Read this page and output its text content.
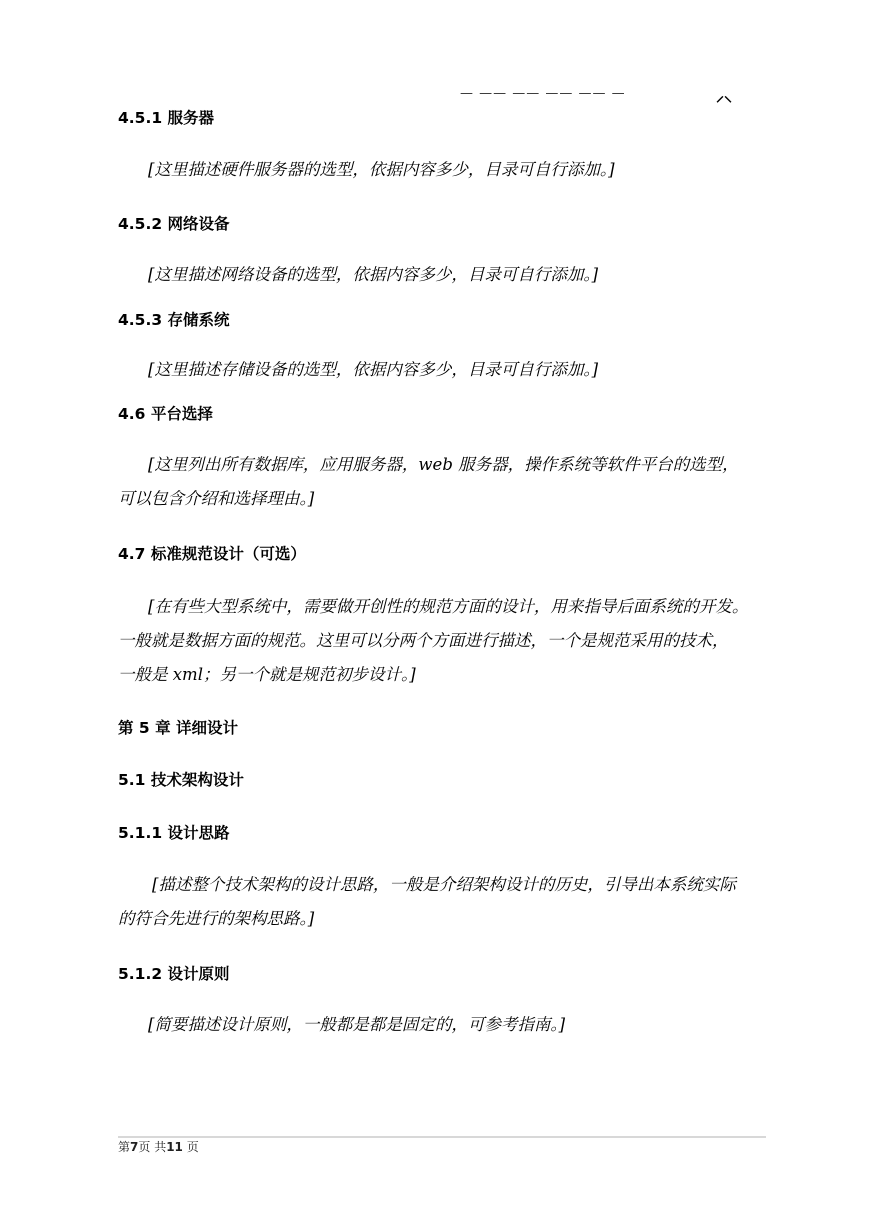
— —— —— —— —— —	⸝⸜
4.5.1 服务器
[这里描述硬件服务器的选型，依据内容多少，目录可自行添加。]
4.5.2 网络设备
[这里描述网络设备的选型，依据内容多少，目录可自行添加。]
4.5.3 存储系统
[这里描述存储设备的选型，依据内容多少，目录可自行添加。]
4.6 平台选择
[这里列出所有数据库，应用服务器，web 服务器，操作系统等软件平台的选型，
可以包含介绍和选择理由。]
4.7 标准规范设计（可选）
[在有些大型系统中，需要做开创性的规范方面的设计，用来指导后面系统的开发。
一般就是数据方面的规范。这里可以分两个方面进行描述，一个是规范采用的技术，
一般是 xml；另一个就是规范初步设计。]
第 5 章 详细设计
5.1 技术架构设计
5.1.1 设计思路
[描述整个技术架构的设计思路，一般是介绍架构设计的历史，引导出本系统实际
的符合先进行的架构思路。]
5.1.2 设计原则
[简要描述设计原则，一般都是都是固定的，可参考指南。]
第7页 共11 页
